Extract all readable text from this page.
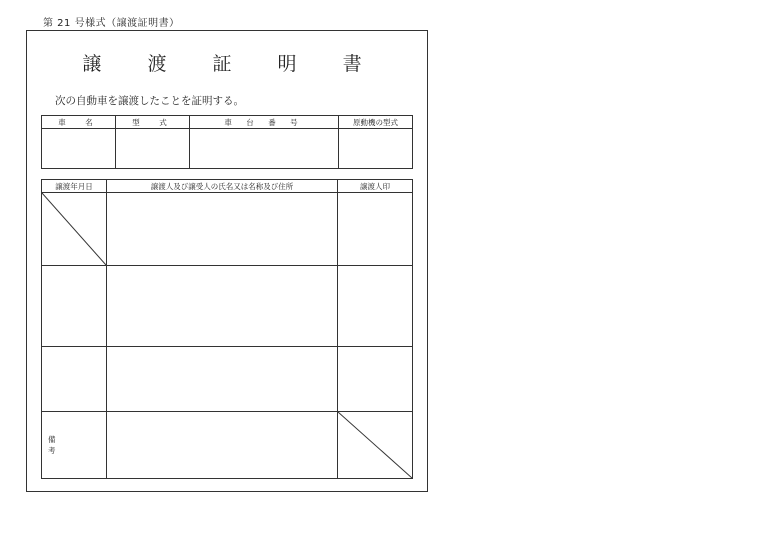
第 21 号様式（譲渡証明書）
譲 渡 証 明 書
次の自動車を譲渡したことを証明する。
車　名	型　式	車 台 番 号	原動機の型式

譲渡年月日	譲渡人及び譲受人の氏名又は名称及び住所	譲渡人印

備 考		
